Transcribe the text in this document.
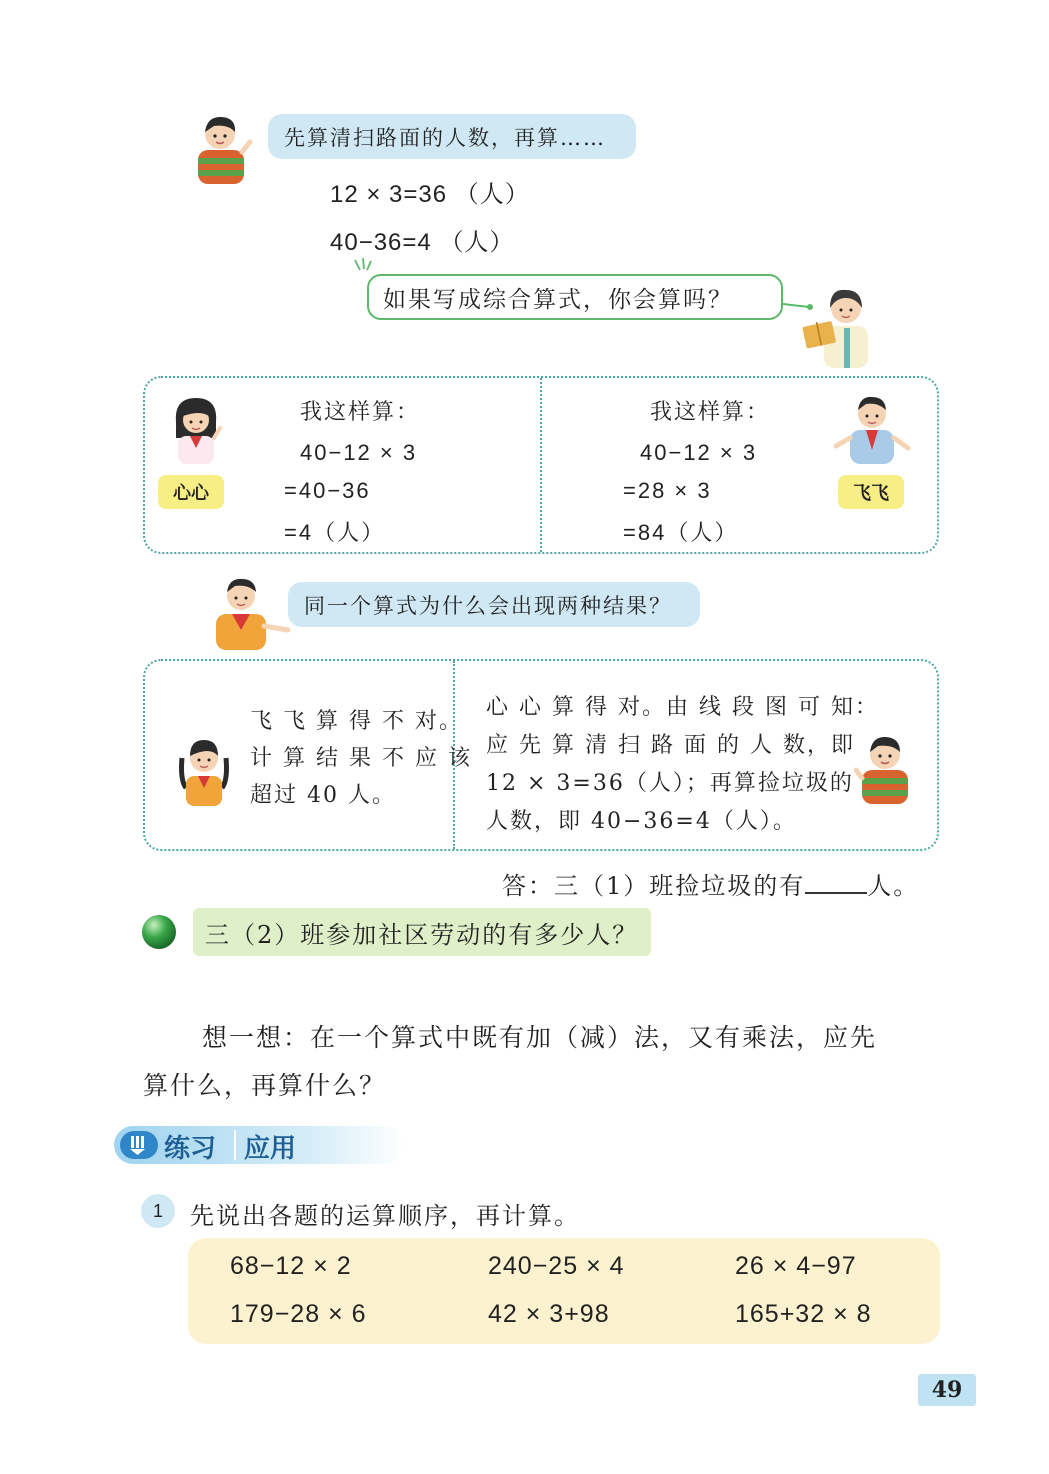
先算清扫路面的人数，再算……
12 × 3=36 （人）
40−36=4 （人）
如果写成综合算式，你会算吗？
心心
我这样算：
40−12 × 3
=40−36
=4（人）
我这样算：
40−12 × 3
=28 × 3
=84（人）
飞飞
同一个算式为什么会出现两种结果？
飞 飞 算 得 不 对。
计 算 结 果 不 应 该
超过 40 人。
心 心 算 得 对。由 线 段 图 可 知：
应 先 算 清 扫 路 面 的 人 数，即
12 × 3=36（人）；再算捡垃圾的
人数，即 40−36=4（人）。
答：三（1）班捡垃圾的有	人。
三（2）班参加社区劳动的有多少人？
想一想：在一个算式中既有加（减）法，又有乘法，应先
算什么，再算什么？
练习 应用
1 先说出各题的运算顺序，再计算。
68−12 × 2	240−25 × 4	26 × 4−97
179−28 × 6	42 × 3+98	165+32 × 8
49
